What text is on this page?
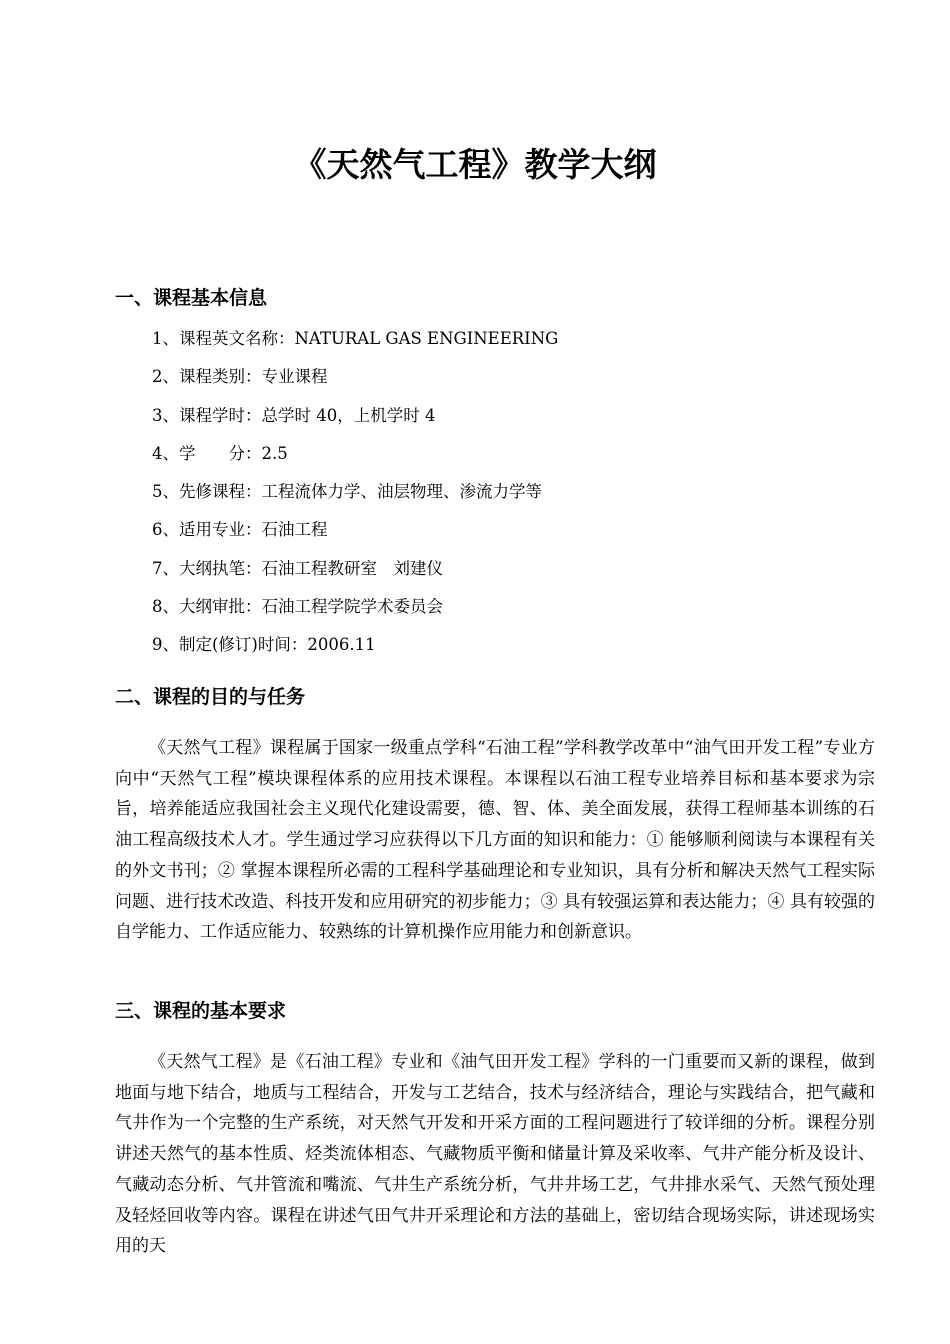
《天然气工程》教学大纲
一、课程基本信息
1、课程英文名称：NATURAL GAS ENGINEERING
2、课程类别：专业课程
3、课程学时：总学时 40，上机学时 4
4、学　　分：2.5
5、先修课程：工程流体力学、油层物理、渗流力学等
6、适用专业：石油工程
7、大纲执笔：石油工程教研室　刘建仪
8、大纲审批：石油工程学院学术委员会
9、制定(修订)时间：2006.11
二、课程的目的与任务

《天然气工程》课程属于国家一级重点学科“石油工程”学科教学改革中“油气田开发工程”专业方向中“天然气工程”模块课程体系的应用技术课程。本课程以石油工程专业培养目标和基本要求为宗旨，培养能适应我国社会主义现代化建设需要，德、智、体、美全面发展，获得工程师基本训练的石油工程高级技术人才。学生通过学习应获得以下几方面的知识和能力：① 能够顺利阅读与本课程有关的外文书刊；② 掌握本课程所必需的工程科学基础理论和专业知识，具有分析和解决天然气工程实际问题、进行技术改造、科技开发和应用研究的初步能力；③ 具有较强运算和表达能力；④ 具有较强的自学能力、工作适应能力、较熟练的计算机操作应用能力和创新意识。

三、课程的基本要求

《天然气工程》是《石油工程》专业和《油气田开发工程》学科的一门重要而又新的课程，做到地面与地下结合，地质与工程结合，开发与工艺结合，技术与经济结合，理论与实践结合，把气藏和气井作为一个完整的生产系统，对天然气开发和开采方面的工程问题进行了较详细的分析。课程分别讲述天然气的基本性质、烃类流体相态、气藏物质平衡和储量计算及采收率、气井产能分析及设计、气藏动态分析、气井管流和嘴流、气井生产系统分析，气井井场工艺，气井排水采气、天然气预处理及轻烃回收等内容。课程在讲述气田气井开采理论和方法的基础上，密切结合现场实际，讲述现场实用的天
